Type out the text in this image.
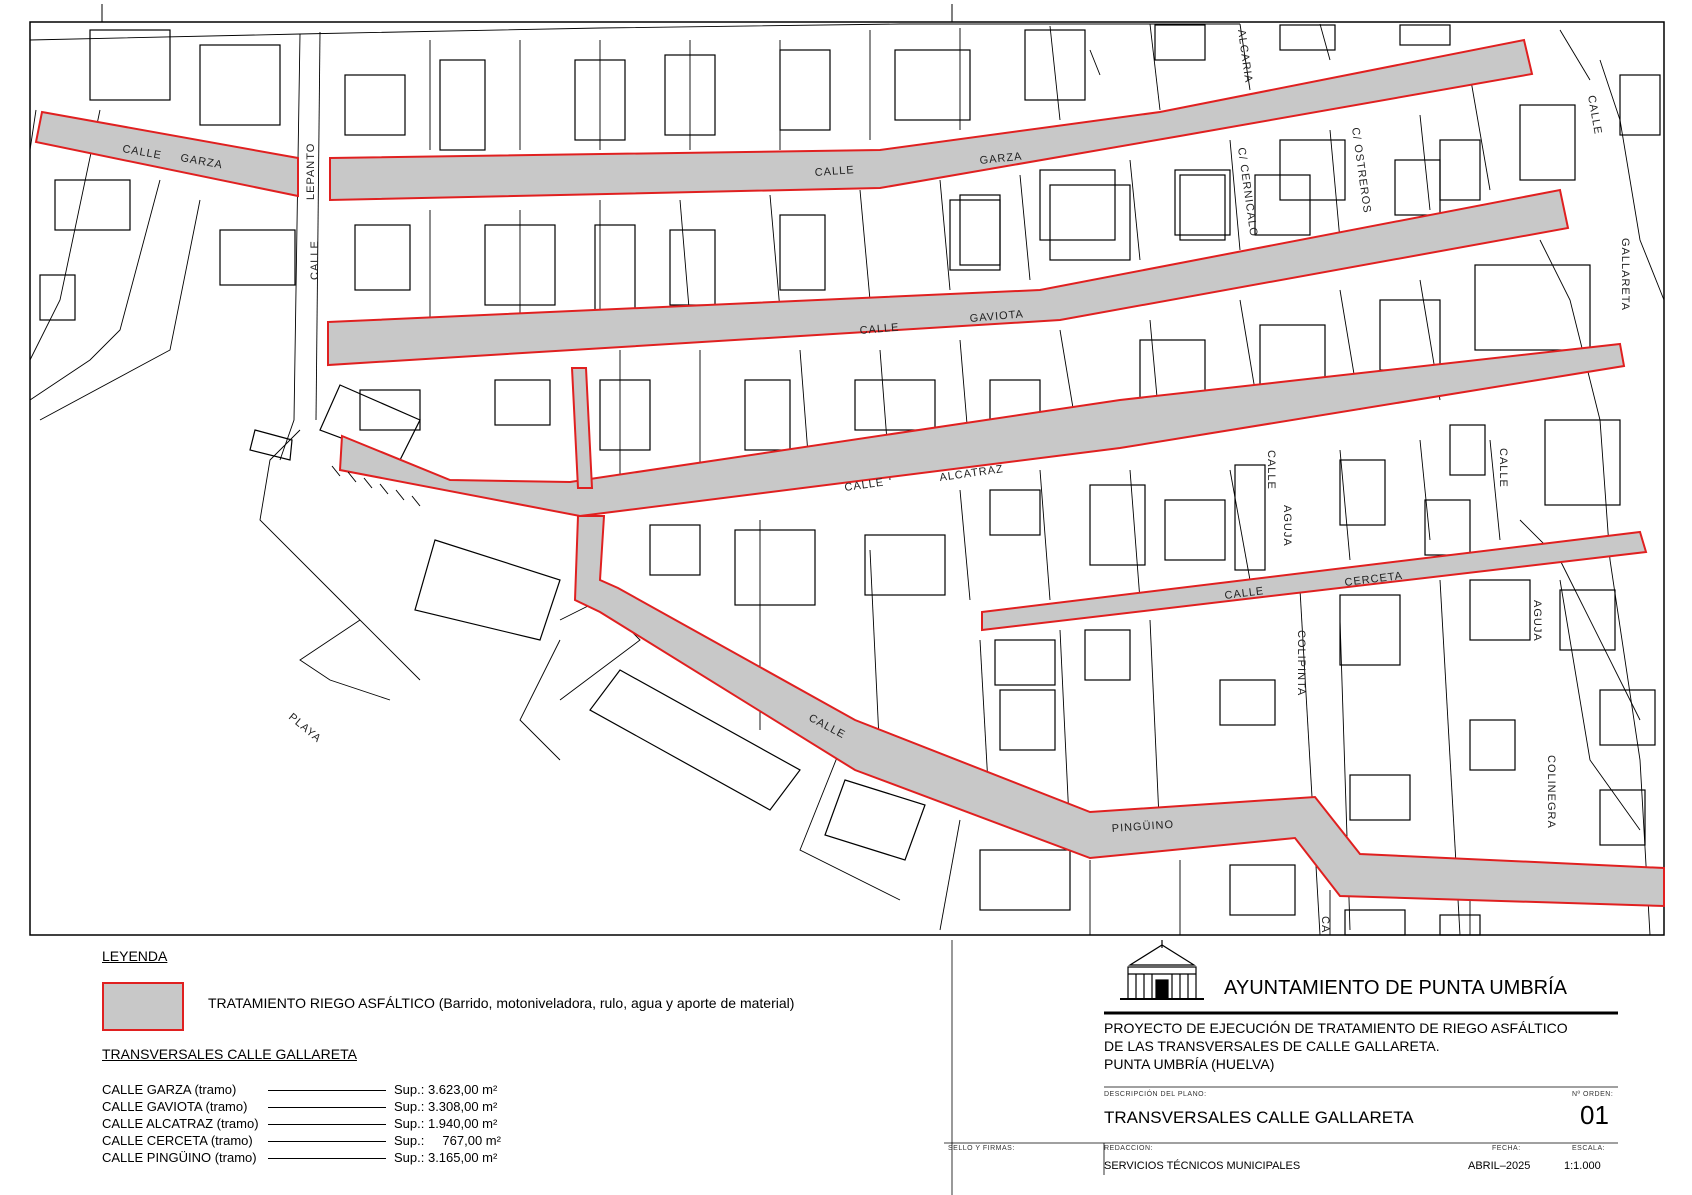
CALLE GARZA
CALLE
GARZA
CALLE
GAVIOTA
CALLE
ALCATRAZ
CALLE
CERCETA
CALLE
PINGÜINO
LEPANTO
CALLE	GALLARETA
CALLE
CALLE
AGUJA
CALLE
AGUJA
COLIPINTA
COLINEGRA
C/ CERNICALO	C/ OSTREROS
ALCARIA
PLAYA
CA
LEYENDA
TRATAMIENTO RIEGO ASFÁLTICO (Barrido, motoniveladora, rulo, agua y aporte de material)
TRANSVERSALES CALLE GALLARETA
CALLE GARZA (tramo)	Sup.: 3.623,00 m²
CALLE GAVIOTA (tramo)	Sup.: 3.308,00 m²
CALLE ALCATRAZ (tramo)	Sup.: 1.940,00 m²
CALLE CERCETA (tramo)	Sup.:     767,00 m²
CALLE PINGÜINO (tramo)	Sup.: 3.165,00 m²
AYUNTAMIENTO DE PUNTA UMBRÍA
PROYECTO DE EJECUCIÓN DE TRATAMIENTO DE RIEGO ASFÁLTICO
DE LAS TRANSVERSALES DE CALLE GALLARETA.
PUNTA UMBRÍA (HUELVA)
DESCRIPCIÓN DEL PLANO:
TRANSVERSALES CALLE GALLARETA
Nº ORDEN:
01
SELLO Y FIRMAS:	REDACCION:
SERVICIOS TÉCNICOS MUNICIPALES
FECHA:
ABRIL–2025
ESCALA:
1:1.000
